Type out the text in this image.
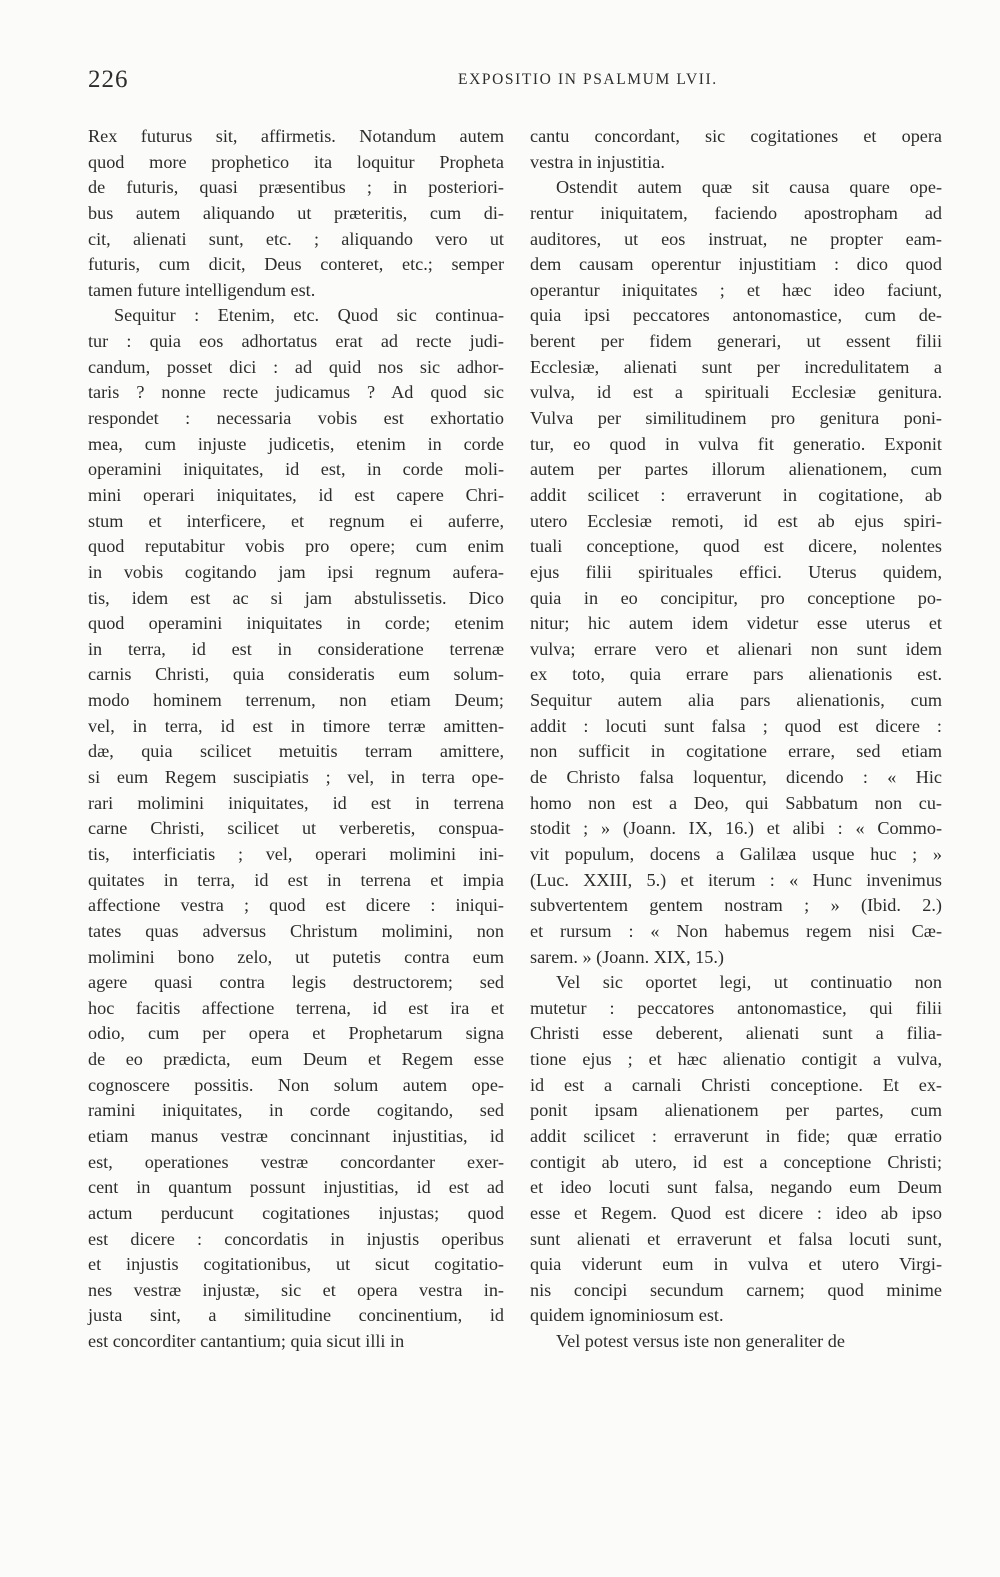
226	EXPOSITIO IN PSALMUM LVII.
Rex futurus sit, affirmetis. Notandum autem
quod more prophetico ita loquitur Propheta
de futuris, quasi præsentibus ; in posteriori-
bus autem aliquando ut præteritis, cum di-
cit, alienati sunt, etc. ; aliquando vero ut
futuris, cum dicit, Deus conteret, etc.; semper
tamen future intelligendum est.
Sequitur : Etenim, etc. Quod sic continua-
tur : quia eos adhortatus erat ad recte judi-
candum, posset dici : ad quid nos sic adhor-
taris ? nonne recte judicamus ? Ad quod sic
respondet : necessaria vobis est exhortatio
mea, cum injuste judicetis, etenim in corde
operamini iniquitates, id est, in corde moli-
mini operari iniquitates, id est capere Chri-
stum et interficere, et regnum ei auferre,
quod reputabitur vobis pro opere; cum enim
in vobis cogitando jam ipsi regnum aufera-
tis, idem est ac si jam abstulissetis. Dico
quod operamini iniquitates in corde; etenim
in terra, id est in consideratione terrenæ
carnis Christi, quia consideratis eum solum-
modo hominem terrenum, non etiam Deum;
vel, in terra, id est in timore terræ amitten-
dæ, quia scilicet metuitis terram amittere,
si eum Regem suscipiatis ; vel, in terra ope-
rari molimini iniquitates, id est in terrena
carne Christi, scilicet ut verberetis, conspua-
tis, interficiatis ; vel, operari molimini ini-
quitates in terra, id est in terrena et impia
affectione vestra ; quod est dicere : iniqui-
tates quas adversus Christum molimini, non
molimini bono zelo, ut putetis contra eum
agere quasi contra legis destructorem; sed
hoc facitis affectione terrena, id est ira et
odio, cum per opera et Prophetarum signa
de eo prædicta, eum Deum et Regem esse
cognoscere possitis. Non solum autem ope-
ramini iniquitates, in corde cogitando, sed
etiam manus vestræ concinnant injustitias, id
est, operationes vestræ concordanter exer-
cent in quantum possunt injustitias, id est ad
actum perducunt cogitationes injustas; quod
est dicere : concordatis in injustis operibus
et injustis cogitationibus, ut sicut cogitatio-
nes vestræ injustæ, sic et opera vestra in-
justa sint, a similitudine concinentium, id
est concorditer cantantium; quia sicut illi in
cantu concordant, sic cogitationes et opera
vestra in injustitia.
Ostendit autem quæ sit causa quare ope-
rentur iniquitatem, faciendo apostropham ad
auditores, ut eos instruat, ne propter eam-
dem causam operentur injustitiam : dico quod
operantur iniquitates ; et hæc ideo faciunt,
quia ipsi peccatores antonomastice, cum de-
berent per fidem generari, ut essent filii
Ecclesiæ, alienati sunt per incredulitatem a
vulva, id est a spirituali Ecclesiæ genitura.
Vulva per similitudinem pro genitura poni-
tur, eo quod in vulva fit generatio. Exponit
autem per partes illorum alienationem, cum
addit scilicet : erraverunt in cogitatione, ab
utero Ecclesiæ remoti, id est ab ejus spiri-
tuali conceptione, quod est dicere, nolentes
ejus filii spirituales effici. Uterus quidem,
quia in eo concipitur, pro conceptione po-
nitur; hic autem idem videtur esse uterus et
vulva; errare vero et alienari non sunt idem
ex toto, quia errare pars alienationis est.
Sequitur autem alia pars alienationis, cum
addit : locuti sunt falsa ; quod est dicere :
non sufficit in cogitatione errare, sed etiam
de Christo falsa loquentur, dicendo : « Hic
homo non est a Deo, qui Sabbatum non cu-
stodit ; » (Joann. IX, 16.) et alibi : « Commo-
vit populum, docens a Galilæa usque huc ; »
(Luc. XXIII, 5.) et iterum : « Hunc invenimus
subvertentem gentem nostram ; » (Ibid. 2.)
et rursum : « Non habemus regem nisi Cæ-
sarem. » (Joann. XIX, 15.)
Vel sic oportet legi, ut continuatio non
mutetur : peccatores antonomastice, qui filii
Christi esse deberent, alienati sunt a filia-
tione ejus ; et hæc alienatio contigit a vulva,
id est a carnali Christi conceptione. Et ex-
ponit ipsam alienationem per partes, cum
addit scilicet : erraverunt in fide; quæ erratio
contigit ab utero, id est a conceptione Christi;
et ideo locuti sunt falsa, negando eum Deum
esse et Regem. Quod est dicere : ideo ab ipso
sunt alienati et erraverunt et falsa locuti sunt,
quia viderunt eum in vulva et utero Virgi-
nis concipi secundum carnem; quod minime
quidem ignominiosum est.
Vel potest versus iste non generaliter de
